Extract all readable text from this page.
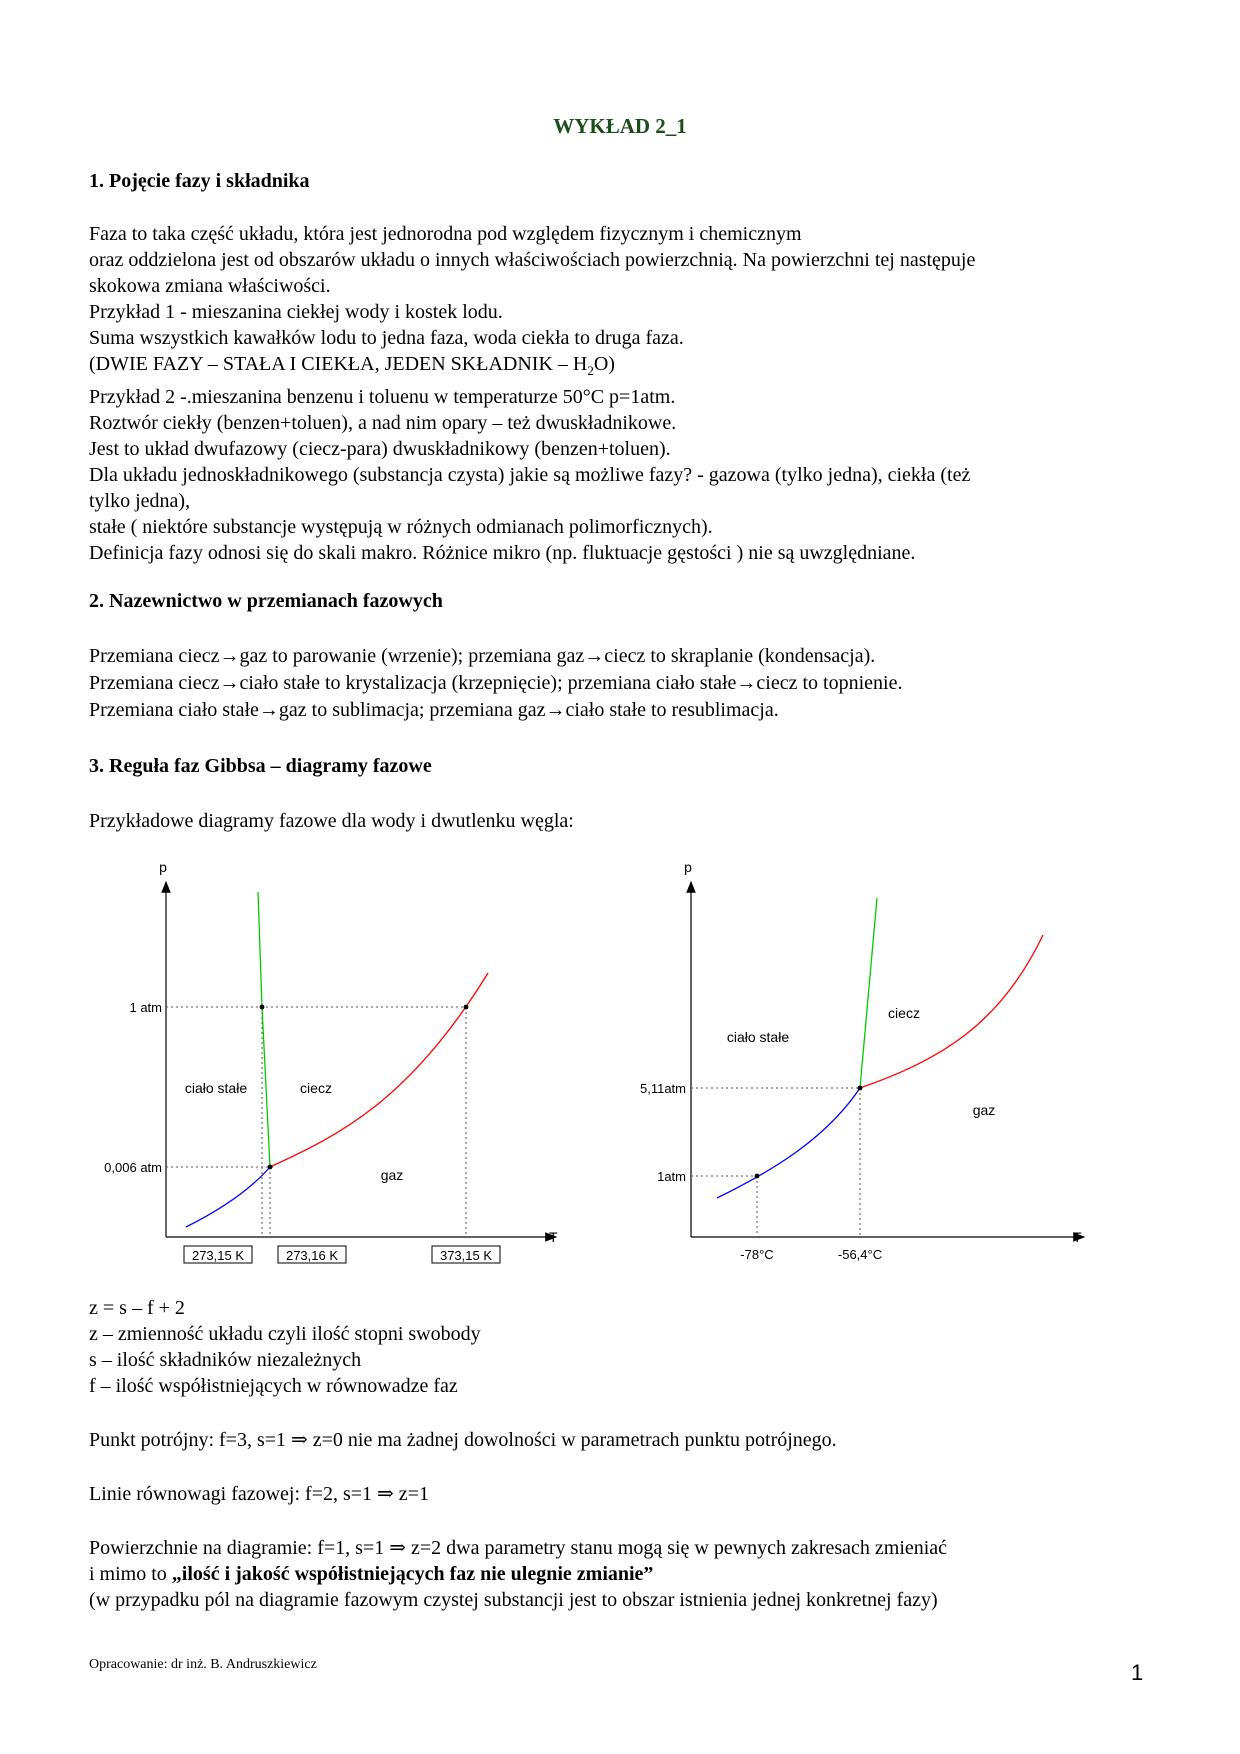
WYKŁAD 2_1
1. Pojęcie fazy i składnika
Faza to taka część układu, która jest jednorodna pod względem fizycznym i chemicznym
oraz oddzielona jest od obszarów układu o innych właściwościach powierzchnią. Na powierzchni tej następuje
skokowa zmiana właściwości.
Przykład 1 - mieszanina ciekłej wody i kostek lodu.
Suma wszystkich kawałków lodu to jedna faza, woda ciekła to druga faza.
(DWIE FAZY – STAŁA I CIEKŁA, JEDEN SKŁADNIK – $H_2O$)
Przykład 2 -.mieszanina benzenu i toluenu w temperaturze 50°C p=1atm.
Roztwór ciekły (benzen+toluen), a nad nim opary – też dwuskładnikowe.
Jest to układ dwufazowy (ciecz-para) dwuskładnikowy (benzen+toluen).
Dla układu jednoskładnikowego (substancja czysta) jakie są możliwe fazy? - gazowa (tylko jedna), ciekła (też
tylko jedna),
stałe ( niektóre substancje występują w różnych odmianach polimorficznych).
Definicja fazy odnosi się do skali makro. Różnice mikro (np. fluktuacje gęstości ) nie są uwzględniane.
2. Nazewnictwo w przemianach fazowych
Przemiana ciecz→gaz to parowanie (wrzenie); przemiana gaz→ciecz to skraplanie (kondensacja).
Przemiana ciecz→ciało stałe to krystalizacja (krzepnięcie); przemiana ciało stałe→ciecz to topnienie.
Przemiana ciało stałe→gaz to sublimacja; przemiana gaz→ciało stałe to resublimacja.
3. Reguła faz Gibbsa – diagramy fazowe
Przykładowe diagramy fazowe dla wody i dwutlenku węgla:
p
T
1 atm
0,006 atm
273,15 K	273,16 K	373,15 K
ciało stałe	ciecz
gaz
p
T
5,11atm
1atm
-78°C	-56,4°C
ciało stałe
ciecz
gaz
z = s – f + 2
z – zmienność układu czyli ilość stopni swobody
s – ilość składników niezależnych
f – ilość współistniejących w równowadze faz
Punkt potrójny: f=3, s=1 ⇒ z=0 nie ma żadnej dowolności w parametrach punktu potrójnego.
Linie równowagi fazowej: f=2, s=1 ⇒ z=1
Powierzchnie na diagramie: f=1, s=1 ⇒ z=2 dwa parametry stanu mogą się w pewnych zakresach zmieniać
i mimo to „ilość i jakość współistniejących faz nie ulegnie zmianie”
(w przypadku pól na diagramie fazowym czystej substancji jest to obszar istnienia jednej konkretnej fazy)
Opracowanie: dr inż. B. Andruszkiewicz	1
